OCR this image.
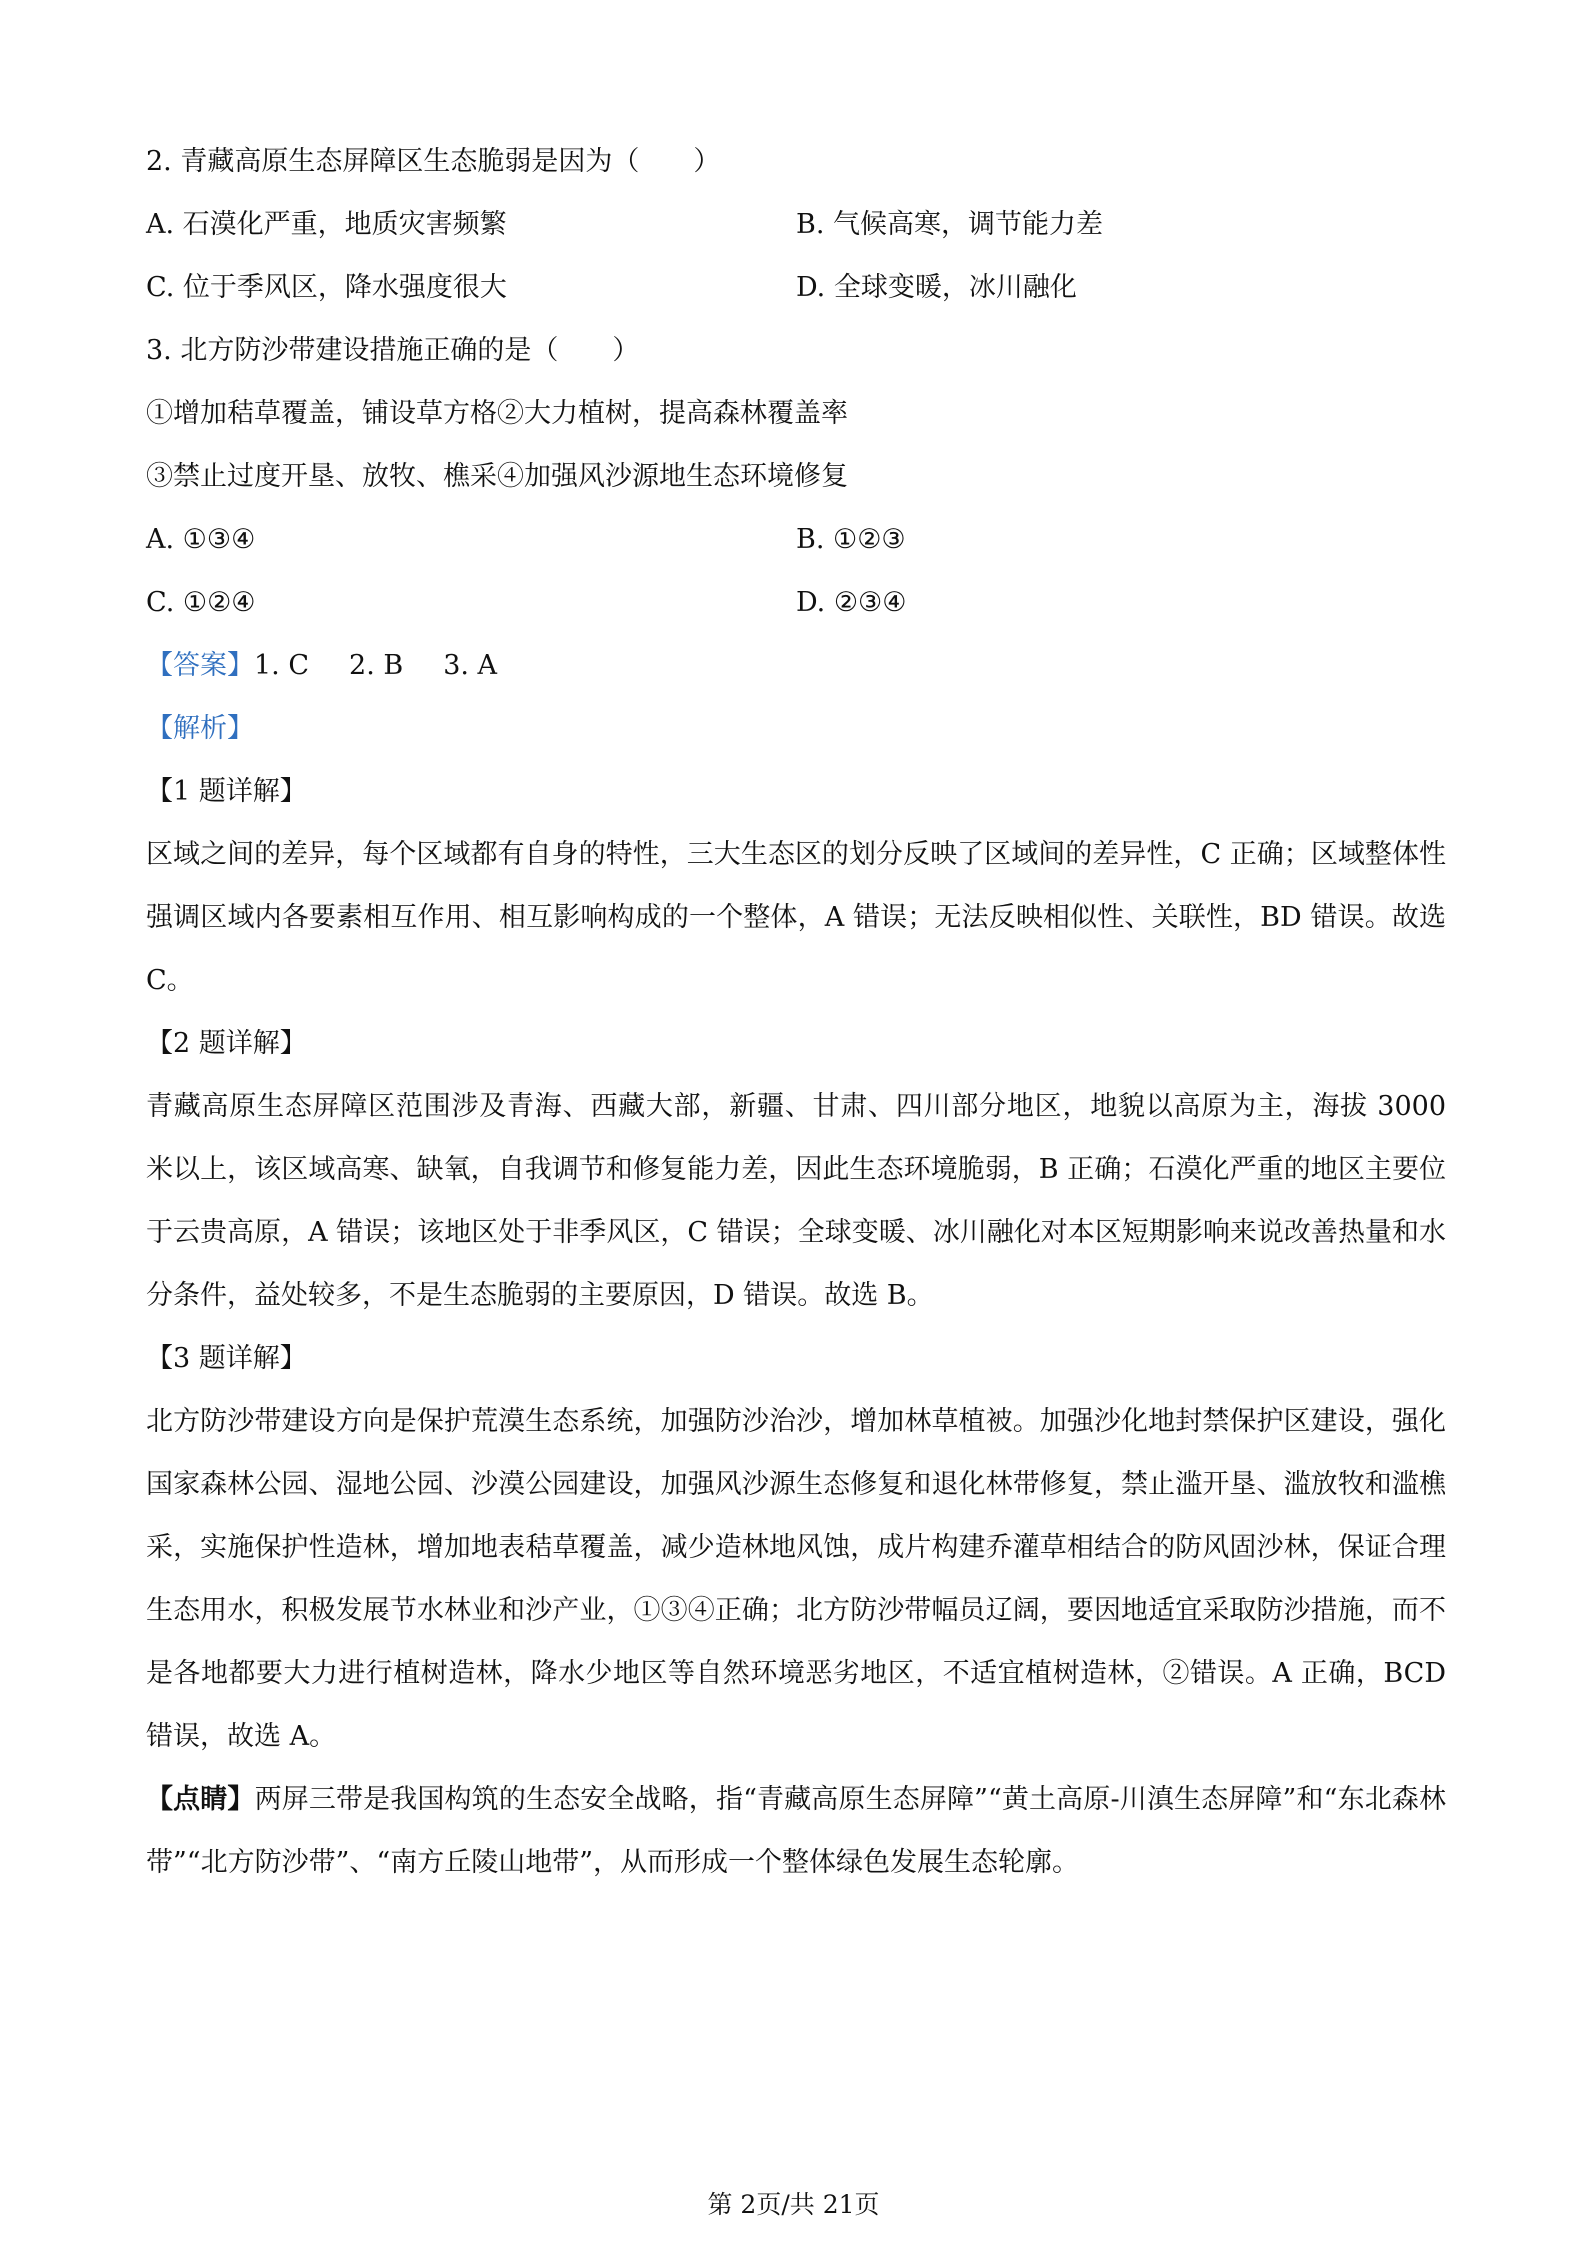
2. 青藏高原生态屏障区生态脆弱是因为（　　）
A. 石漠化严重，地质灾害频繁	B. 气候高寒，调节能力差
C. 位于季风区，降水强度很大	D. 全球变暖，冰川融化
3. 北方防沙带建设措施正确的是（　　）
①增加秸草覆盖，铺设草方格②大力植树，提高森林覆盖率
③禁止过度开垦、放牧、樵采④加强风沙源地生态环境修复
A. ①③④	B. ①②③
C. ①②④	D. ②③④
【答案】1. C 2. B 3. A
【解析】
【1 题详解】
区域之间的差异，每个区域都有自身的特性，三大生态区的划分反映了区域间的差异性，C 正确；区域整体性强调区域内各要素相互作用、相互影响构成的一个整体，A 错误；无法反映相似性、关联性，BD 错误。故选 C。
【2 题详解】
青藏高原生态屏障区范围涉及青海、西藏大部，新疆、甘肃、四川部分地区，地貌以高原为主，海拔 3000 米以上，该区域高寒、缺氧，自我调节和修复能力差，因此生态环境脆弱，B 正确；石漠化严重的地区主要位于云贵高原，A 错误；该地区处于非季风区，C 错误；全球变暖、冰川融化对本区短期影响来说改善热量和水分条件，益处较多，不是生态脆弱的主要原因，D 错误。故选 B。
【3 题详解】
北方防沙带建设方向是保护荒漠生态系统，加强防沙治沙，增加林草植被。加强沙化地封禁保护区建设，强化国家森林公园、湿地公园、沙漠公园建设，加强风沙源生态修复和退化林带修复，禁止滥开垦、滥放牧和滥樵采，实施保护性造林，增加地表秸草覆盖，减少造林地风蚀，成片构建乔灌草相结合的防风固沙林，保证合理生态用水，积极发展节水林业和沙产业，①③④正确；北方防沙带幅员辽阔，要因地适宜采取防沙措施，而不是各地都要大力进行植树造林，降水少地区等自然环境恶劣地区，不适宜植树造林，②错误。A 正确，BCD 错误，故选 A。
【点睛】两屏三带是我国构筑的生态安全战略，指“青藏高原生态屏障”“黄土高原-川滇生态屏障”和“东北森林带”“北方防沙带”、“南方丘陵山地带”，从而形成一个整体绿色发展生态轮廓。
第 2页/共 21页
